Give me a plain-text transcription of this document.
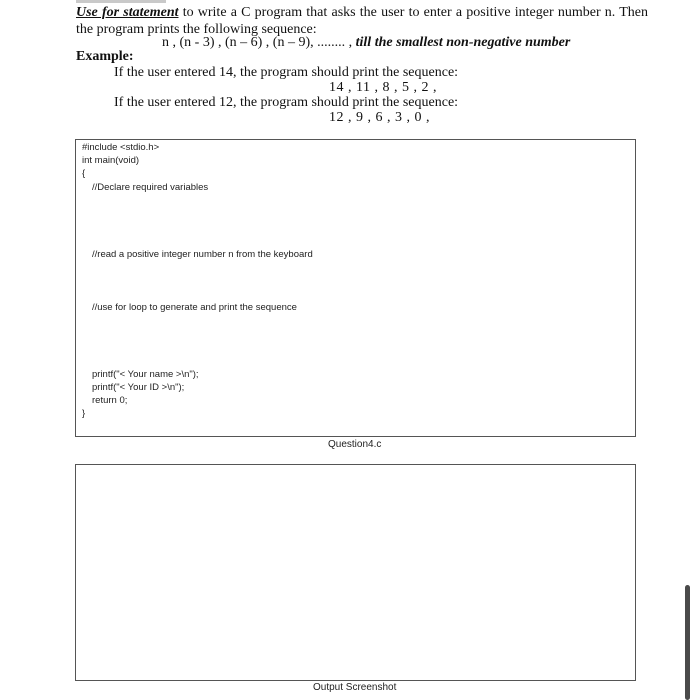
Use for statement to write a C program that asks the user to enter a positive integer number n. Then the program prints the following sequence:
n , (n - 3) , (n – 6) , (n – 9), ........ , till the smallest non-negative number
Example:
If the user entered 14, the program should print the sequence:
14 , 11 , 8 , 5 , 2 ,
If the user entered 12, the program should print the sequence:
12 , 9 , 6 , 3 , 0 ,
#include <stdio.h>
int main(void)
{
//Declare required variables
//read a positive integer number n from the keyboard
//use for loop to generate and print the sequence
printf("< Your name >\n");
printf("< Your ID >\n");
return 0;
}
Question4.c
Output Screenshot
